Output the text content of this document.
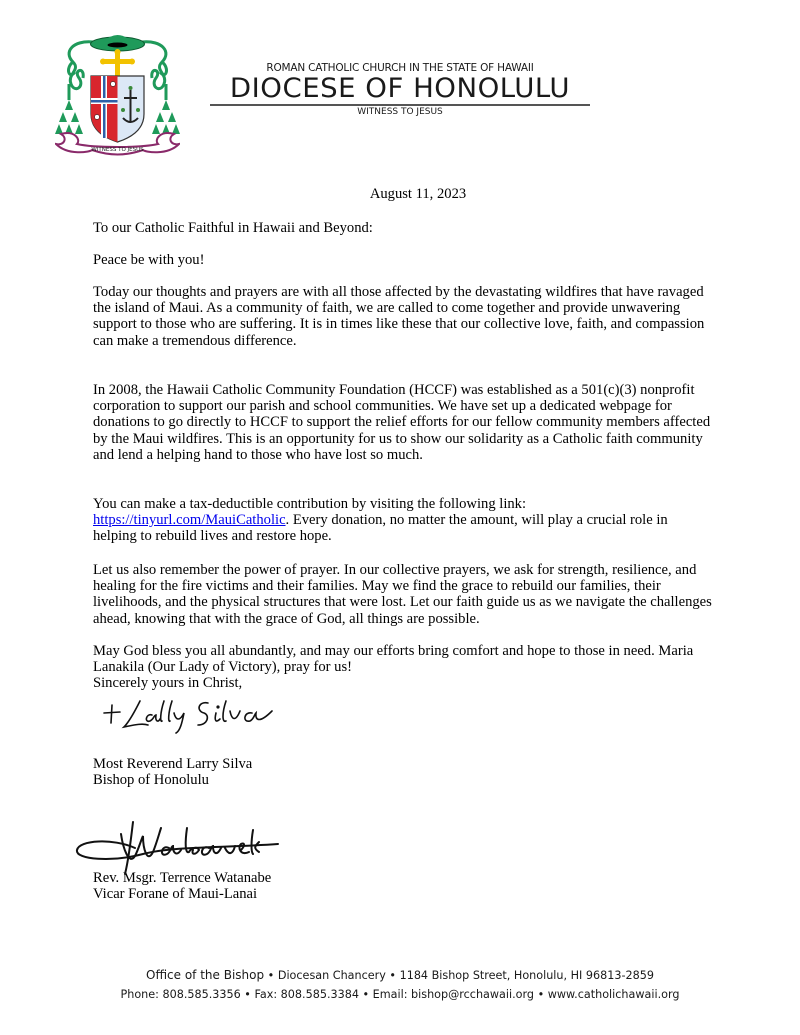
WITNESS TO JESUS
ROMAN CATHOLIC CHURCH IN THE STATE OF HAWAII
DIOCESE OF HONOLULU
WITNESS TO JESUS
August 11, 2023

To our Catholic Faithful in Hawaii and Beyond:

Peace be with you!

Today our thoughts and prayers are with all those affected by the devastating wildfires that have ravaged the island of Maui. As a community of faith, we are called to come together and provide unwavering support to those who are suffering. It is in times like these that our collective love, faith, and compassion can make a tremendous difference.

In 2008, the Hawaii Catholic Community Foundation (HCCF) was established as a 501(c)(3) nonprofit corporation to support our parish and school communities. We have set up a dedicated webpage for donations to go directly to HCCF to support the relief efforts for our fellow community members affected by the Maui wildfires. This is an opportunity for us to show our solidarity as a Catholic faith community and lend a helping hand to those who have lost so much.

You can make a tax-deductible contribution by visiting the following link:
https://tinyurl.com/MauiCatholic. Every donation, no matter the amount, will play a crucial role in helping to rebuild lives and restore hope.

Let us also remember the power of prayer. In our collective prayers, we ask for strength, resilience, and healing for the fire victims and their families. May we find the grace to rebuild our families, their livelihoods, and the physical structures that were lost. Let our faith guide us as we navigate the challenges ahead, knowing that with the grace of God, all things are possible.

May God bless you all abundantly, and may our efforts bring comfort and hope to those in need. Maria Lanakila (Our Lady of Victory), pray for us!

Sincerely yours in Christ,

Most Reverend Larry Silva

Bishop of Honolulu

Rev. Msgr. Terrence Watanabe

Vicar Forane of Maui-Lanai

Office of the Bishop • Diocesan Chancery • 1184 Bishop Street, Honolulu, HI 96813-2859
Phone: 808.585.3356 • Fax: 808.585.3384 • Email: bishop@rcchawaii.org • www.catholichawaii.org
